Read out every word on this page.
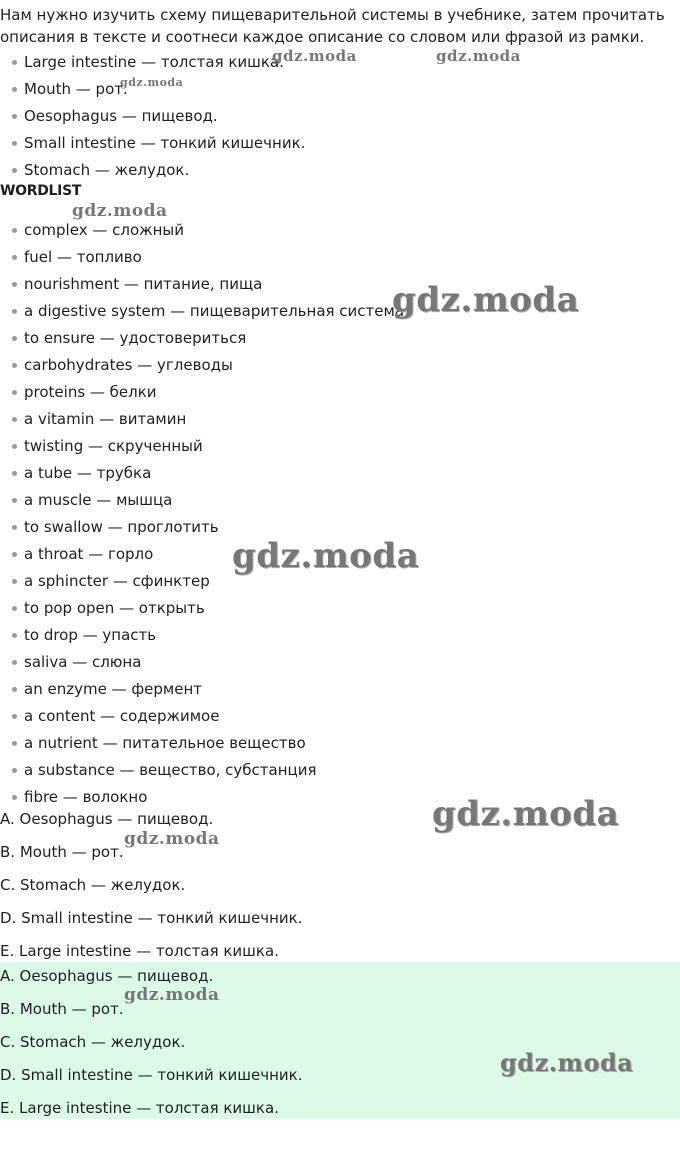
Нам нужно изучить схему пищеварительной системы в учебнике, затем прочитать описания в тексте и соотнеси каждое описание со словом или фразой из рамки.

Large intestine — толстая кишка.
Mouth — рот.
Oesophagus — пищевод.
Small intestine — тонкий кишечник.
Stomach — желудок.
WORDLIST
complex — сложный
fuel — топливо
nourishment — питание, пища
a digestive system — пищеварительная система
to ensure — удостовериться
carbohydrates — углеводы
proteins — белки
a vitamin — витамин
twisting — скрученный
a tube — трубка
a muscle — мышца
to swallow — проглотить
a throat — горло
a sphincter — сфинктер
to pop open — открыть
to drop — упасть
saliva — слюна
an enzyme — фермент
a content — содержимое
a nutrient — питательное вещество
a substance — вещество, субстанция
fibre — волокно
A. Oesophagus — пищевод.
B. Mouth — рот.
C. Stomach — желудок.
D. Small intestine — тонкий кишечник.
E. Large intestine — толстая кишка.
A. Oesophagus — пищевод.
B. Mouth — рот.
C. Stomach — желудок.
D. Small intestine — тонкий кишечник.
E. Large intestine — толстая кишка.
gdz.moda	gdz.moda
gdz.moda
gdz.moda
gdz.moda
gdz.moda
gdz.moda
gdz.moda
gdz.moda
gdz.moda
